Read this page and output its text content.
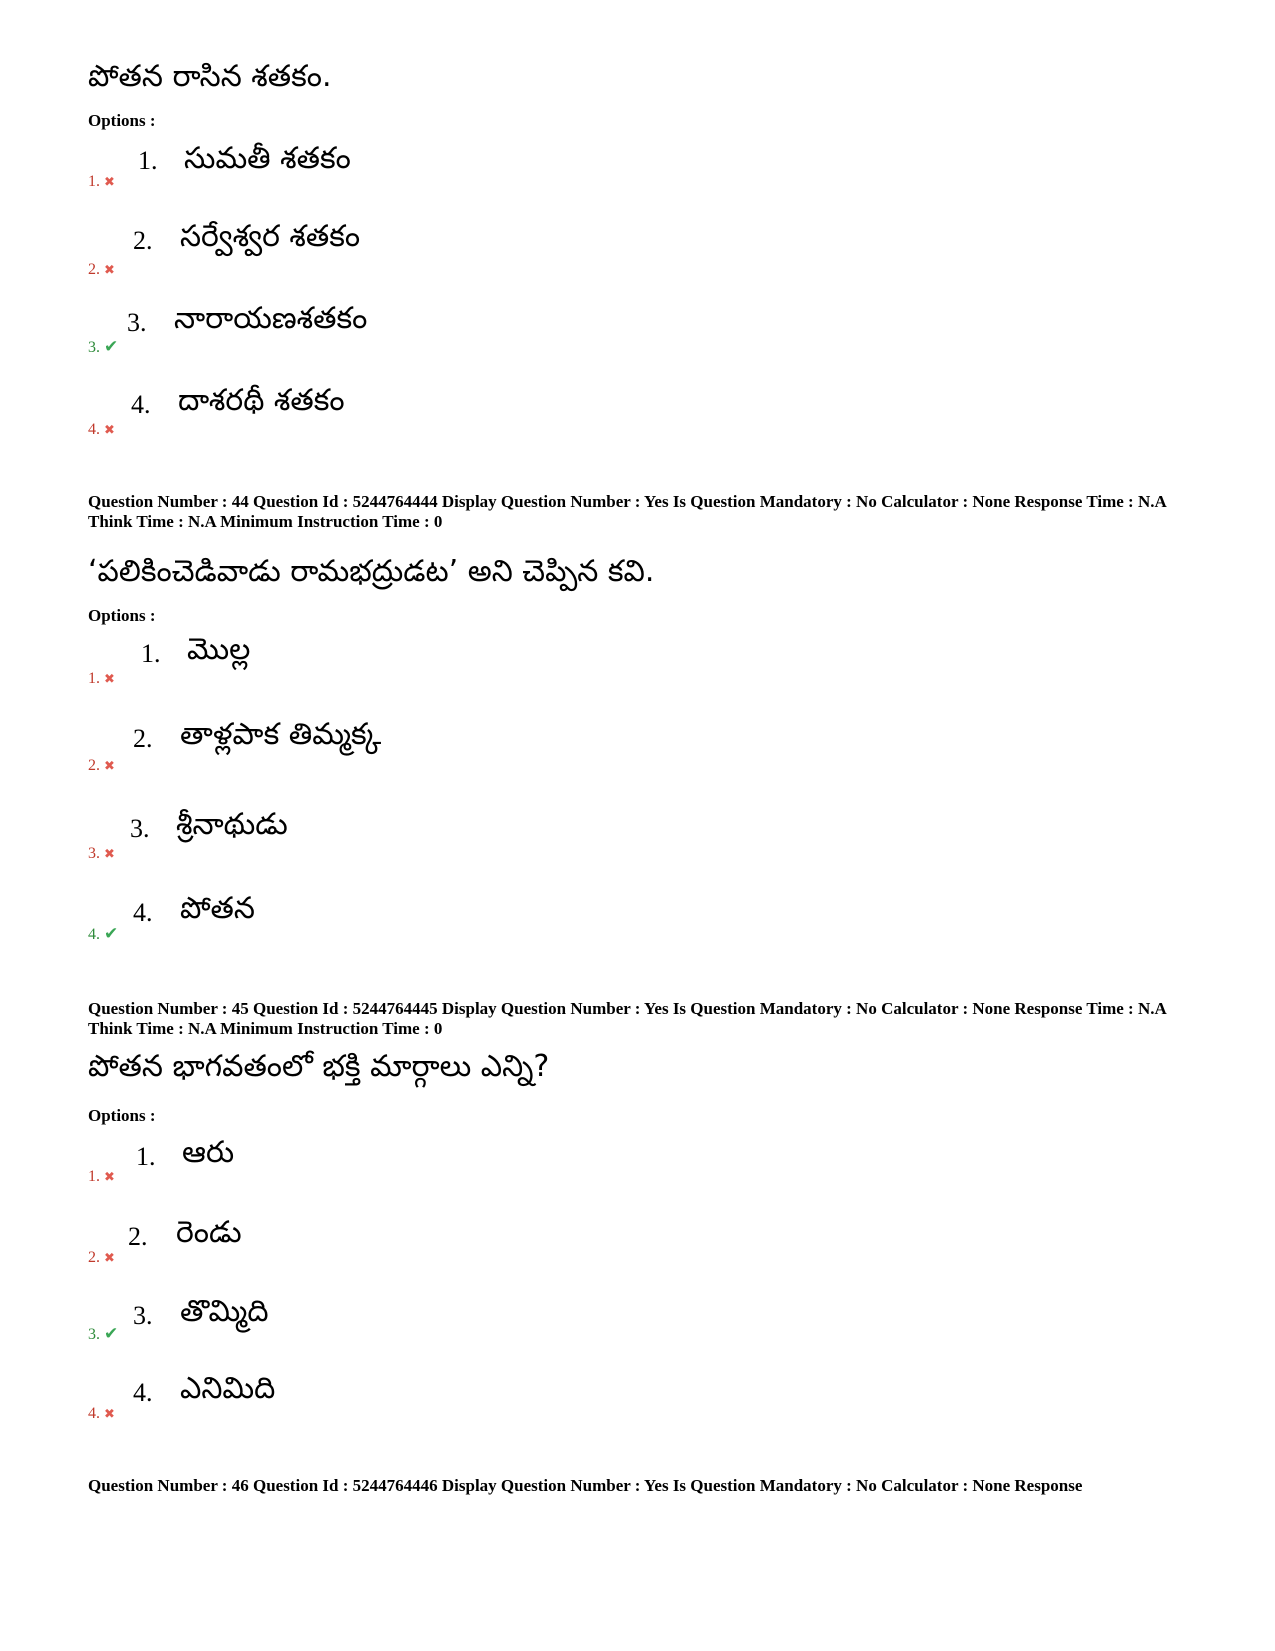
పోతన రాసిన శతకం.
Options :
1. ✖
1. సుమతీ శతకం
2. ✖
2. సర్వేశ్వర శతకం
3. ✔
3. నారాయణశతకం
4. ✖
4. దాశరథీ శతకం
Question Number : 44 Question Id : 5244764444 Display Question Number : Yes Is Question Mandatory : No Calculator : None Response Time : N.A Think Time : N.A Minimum Instruction Time : 0
‘పలికించెడివాడు రామభద్రుడట’ అని చెప్పిన కవి.
Options :
1. ✖
1. మొల్ల
2. ✖
2. తాళ్లపాక తిమ్మక్క
3. ✖
3. శ్రీనాథుడు
4. ✔
4. పోతన
Question Number : 45 Question Id : 5244764445 Display Question Number : Yes Is Question Mandatory : No Calculator : None Response Time : N.A Think Time : N.A Minimum Instruction Time : 0
పోతన భాగవతంలో భక్తి మార్గాలు ఎన్ని?
Options :
1. ✖
1. ఆరు
2. ✖
2. రెండు
3. ✔
3. తొమ్మిది
4. ✖
4. ఎనిమిది
Question Number : 46 Question Id : 5244764446 Display Question Number : Yes Is Question Mandatory : No Calculator : None Response
